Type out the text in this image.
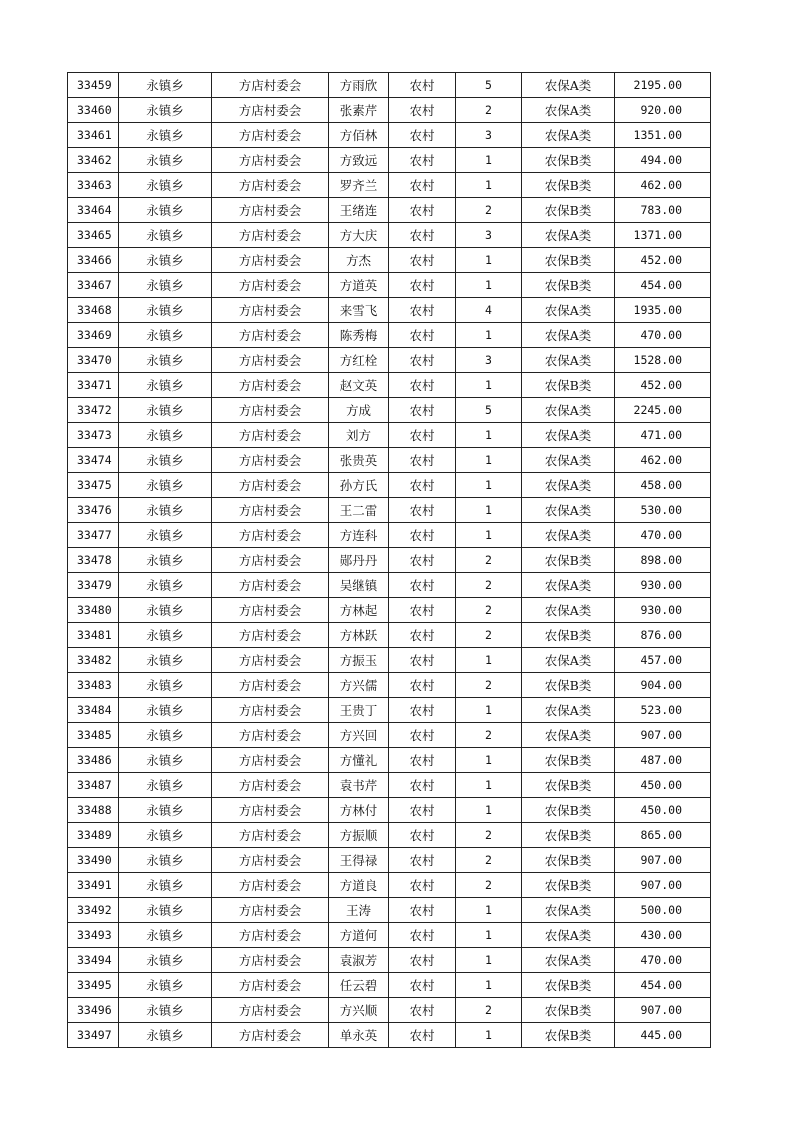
33459	永镇乡	方店村委会	方雨欣	农村	5	农保A类	2195.00
33460	永镇乡	方店村委会	张素芹	农村	2	农保A类	920.00
33461	永镇乡	方店村委会	方佰林	农村	3	农保A类	1351.00
33462	永镇乡	方店村委会	方致远	农村	1	农保B类	494.00
33463	永镇乡	方店村委会	罗齐兰	农村	1	农保B类	462.00
33464	永镇乡	方店村委会	王绪连	农村	2	农保B类	783.00
33465	永镇乡	方店村委会	方大庆	农村	3	农保A类	1371.00
33466	永镇乡	方店村委会	方杰	农村	1	农保B类	452.00
33467	永镇乡	方店村委会	方道英	农村	1	农保B类	454.00
33468	永镇乡	方店村委会	来雪飞	农村	4	农保A类	1935.00
33469	永镇乡	方店村委会	陈秀梅	农村	1	农保A类	470.00
33470	永镇乡	方店村委会	方红栓	农村	3	农保A类	1528.00
33471	永镇乡	方店村委会	赵文英	农村	1	农保B类	452.00
33472	永镇乡	方店村委会	方成	农村	5	农保A类	2245.00
33473	永镇乡	方店村委会	刘方	农村	1	农保A类	471.00
33474	永镇乡	方店村委会	张贵英	农村	1	农保A类	462.00
33475	永镇乡	方店村委会	孙方氏	农村	1	农保A类	458.00
33476	永镇乡	方店村委会	王二雷	农村	1	农保A类	530.00
33477	永镇乡	方店村委会	方连科	农村	1	农保A类	470.00
33478	永镇乡	方店村委会	郧丹丹	农村	2	农保B类	898.00
33479	永镇乡	方店村委会	吴继镇	农村	2	农保A类	930.00
33480	永镇乡	方店村委会	方林起	农村	2	农保A类	930.00
33481	永镇乡	方店村委会	方林跃	农村	2	农保B类	876.00
33482	永镇乡	方店村委会	方振玉	农村	1	农保A类	457.00
33483	永镇乡	方店村委会	方兴儒	农村	2	农保B类	904.00
33484	永镇乡	方店村委会	王贵丁	农村	1	农保A类	523.00
33485	永镇乡	方店村委会	方兴回	农村	2	农保A类	907.00
33486	永镇乡	方店村委会	方懂礼	农村	1	农保B类	487.00
33487	永镇乡	方店村委会	袁书芹	农村	1	农保B类	450.00
33488	永镇乡	方店村委会	方林付	农村	1	农保B类	450.00
33489	永镇乡	方店村委会	方振顺	农村	2	农保B类	865.00
33490	永镇乡	方店村委会	王得禄	农村	2	农保B类	907.00
33491	永镇乡	方店村委会	方道良	农村	2	农保B类	907.00
33492	永镇乡	方店村委会	王涛	农村	1	农保A类	500.00
33493	永镇乡	方店村委会	方道何	农村	1	农保A类	430.00
33494	永镇乡	方店村委会	袁淑芳	农村	1	农保A类	470.00
33495	永镇乡	方店村委会	任云碧	农村	1	农保B类	454.00
33496	永镇乡	方店村委会	方兴顺	农村	2	农保B类	907.00
33497	永镇乡	方店村委会	单永英	农村	1	农保B类	445.00
